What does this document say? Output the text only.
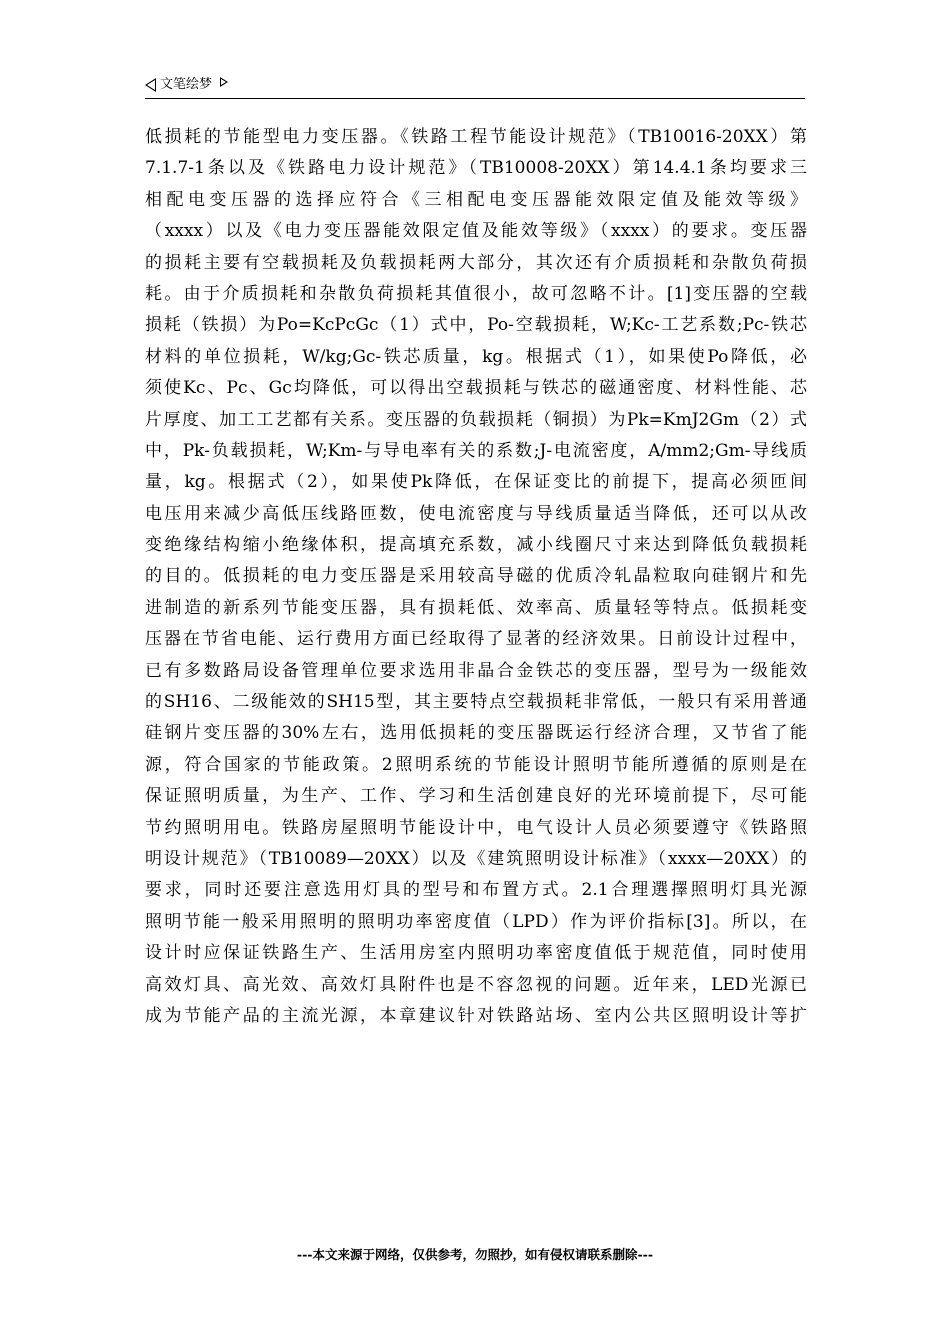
文笔绘梦
低损耗的节能型电力变压器。《铁路工程节能设计规范》（TB10016-20XX）第
7.1.7-1条以及《铁路电力设计规范》（TB10008-20XX）第14.4.1条均要求三
相配电变压器的选择应符合《三相配电变压器能效限定值及能效等级》
（xxxx）以及《电力变压器能效限定值及能效等级》（xxxx）的要求。变压器
的损耗主要有空载损耗及负载损耗两大部分，其次还有介质损耗和杂散负荷损
耗。由于介质损耗和杂散负荷损耗其值很小，故可忽略不计。[1]变压器的空载
损耗（铁损）为Po=KcPcGc（1）式中，Po-空载损耗，W;Kc-工艺系数;Pc-铁芯
材料的单位损耗，W/kg;Gc-铁芯质量，kg。根据式（1），如果使Po降低，必
须使Kc、Pc、Gc均降低，可以得出空载损耗与铁芯的磁通密度、材料性能、芯
片厚度、加工工艺都有关系。变压器的负载损耗（铜损）为Pk=KmJ2Gm（2）式
中，Pk-负载损耗，W;Km-与导电率有关的系数;J-电流密度，A/mm2;Gm-导线质
量，kg。根据式（2），如果使Pk降低，在保证变比的前提下，提高必须匝间
电压用来减少高低压线路匝数，使电流密度与导线质量适当降低，还可以从改
变绝缘结构缩小绝缘体积，提高填充系数，减小线圈尺寸来达到降低负载损耗
的目的。低损耗的电力变压器是采用较高导磁的优质冷轧晶粒取向硅钢片和先
进制造的新系列节能变压器，具有损耗低、效率高、质量轻等特点。低损耗变
压器在节省电能、运行费用方面已经取得了显著的经济效果。日前设计过程中，
已有多数路局设备管理单位要求选用非晶合金铁芯的变压器，型号为一级能效
的SH16、二级能效的SH15型，其主要特点空载损耗非常低，一般只有采用普通
硅钢片变压器的30%左右，选用低损耗的变压器既运行经济合理，又节省了能
源，符合国家的节能政策。2照明系统的节能设计照明节能所遵循的原则是在
保证照明质量，为生产、工作、学习和生活创建良好的光环境前提下，尽可能
节约照明用电。铁路房屋照明节能设计中，电气设计人员必须要遵守《铁路照
明设计规范》（TB10089—20XX）以及《建筑照明设计标准》（xxxx—20XX）的
要求，同时还要注意选用灯具的型号和布置方式。2.1合理選擇照明灯具光源
照明节能一般采用照明的照明功率密度值（LPD）作为评价指标[3]。所以，在
设计时应保证铁路生产、生活用房室内照明功率密度值低于规范值，同时使用
高效灯具、高光效、高效灯具附件也是不容忽视的问题。近年来，LED光源已
成为节能产品的主流光源，本章建议针对铁路站场、室内公共区照明设计等扩
---本文来源于网络，仅供参考，勿照抄，如有侵权请联系删除---
